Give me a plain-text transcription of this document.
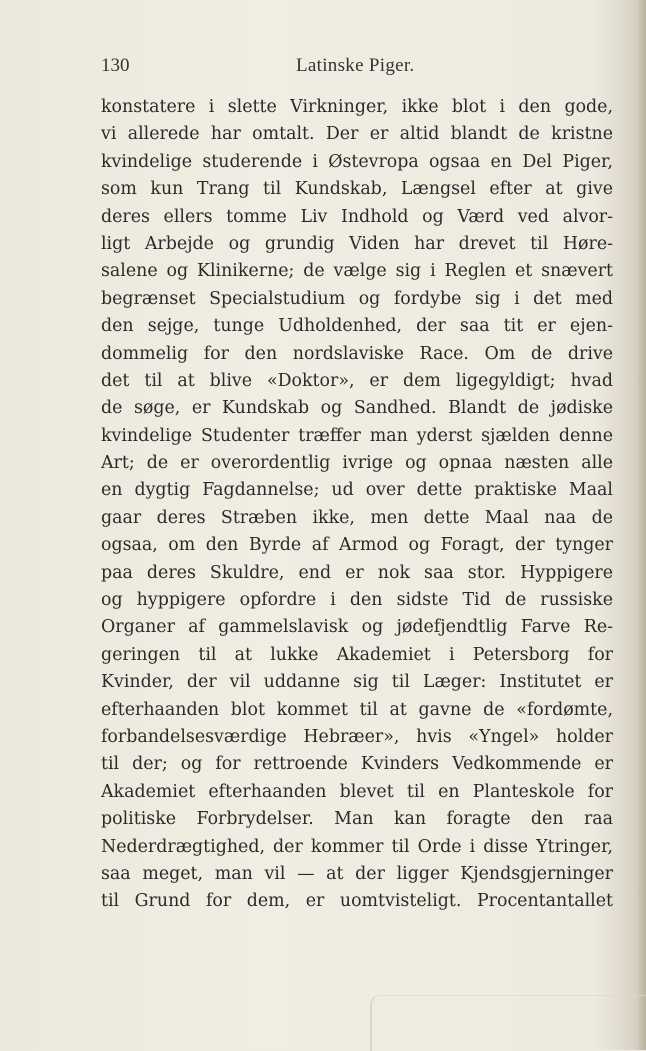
130	Latinske Piger.
konstatere i slette Virkninger, ikke blot i den gode,
vi allerede har omtalt. Der er altid blandt de kristne
kvindelige studerende i Østevropa ogsaa en Del Piger,
som kun Trang til Kundskab, Længsel efter at give
deres ellers tomme Liv Indhold og Værd ved alvor-
ligt Arbejde og grundig Viden har drevet til Høre-
salene og Klinikerne; de vælge sig i Reglen et snævert
begrænset Specialstudium og fordybe sig i det med
den sejge, tunge Udholdenhed, der saa tit er ejen-
dommelig for den nordslaviske Race. Om de drive
det til at blive «Doktor», er dem ligegyldigt; hvad
de søge, er Kundskab og Sandhed. Blandt de jødiske
kvindelige Studenter træffer man yderst sjælden denne
Art; de er overordentlig ivrige og opnaa næsten alle
en dygtig Fagdannelse; ud over dette praktiske Maal
gaar deres Stræben ikke, men dette Maal naa de
ogsaa, om den Byrde af Armod og Foragt, der tynger
paa deres Skuldre, end er nok saa stor. Hyppigere
og hyppigere opfordre i den sidste Tid de russiske
Organer af gammelslavisk og jødefjendtlig Farve Re-
geringen til at lukke Akademiet i Petersborg for
Kvinder, der vil uddanne sig til Læger: Institutet er
efterhaanden blot kommet til at gavne de «fordømte,
forbandelsesværdige Hebræer», hvis «Yngel» holder
til der; og for rettroende Kvinders Vedkommende er
Akademiet efterhaanden blevet til en Planteskole for
politiske Forbrydelser. Man kan foragte den raa
Nederdrægtighed, der kommer til Orde i disse Ytringer,
saa meget, man vil — at der ligger Kjendsgjerninger
til Grund for dem, er uomtvisteligt. Procentantallet
